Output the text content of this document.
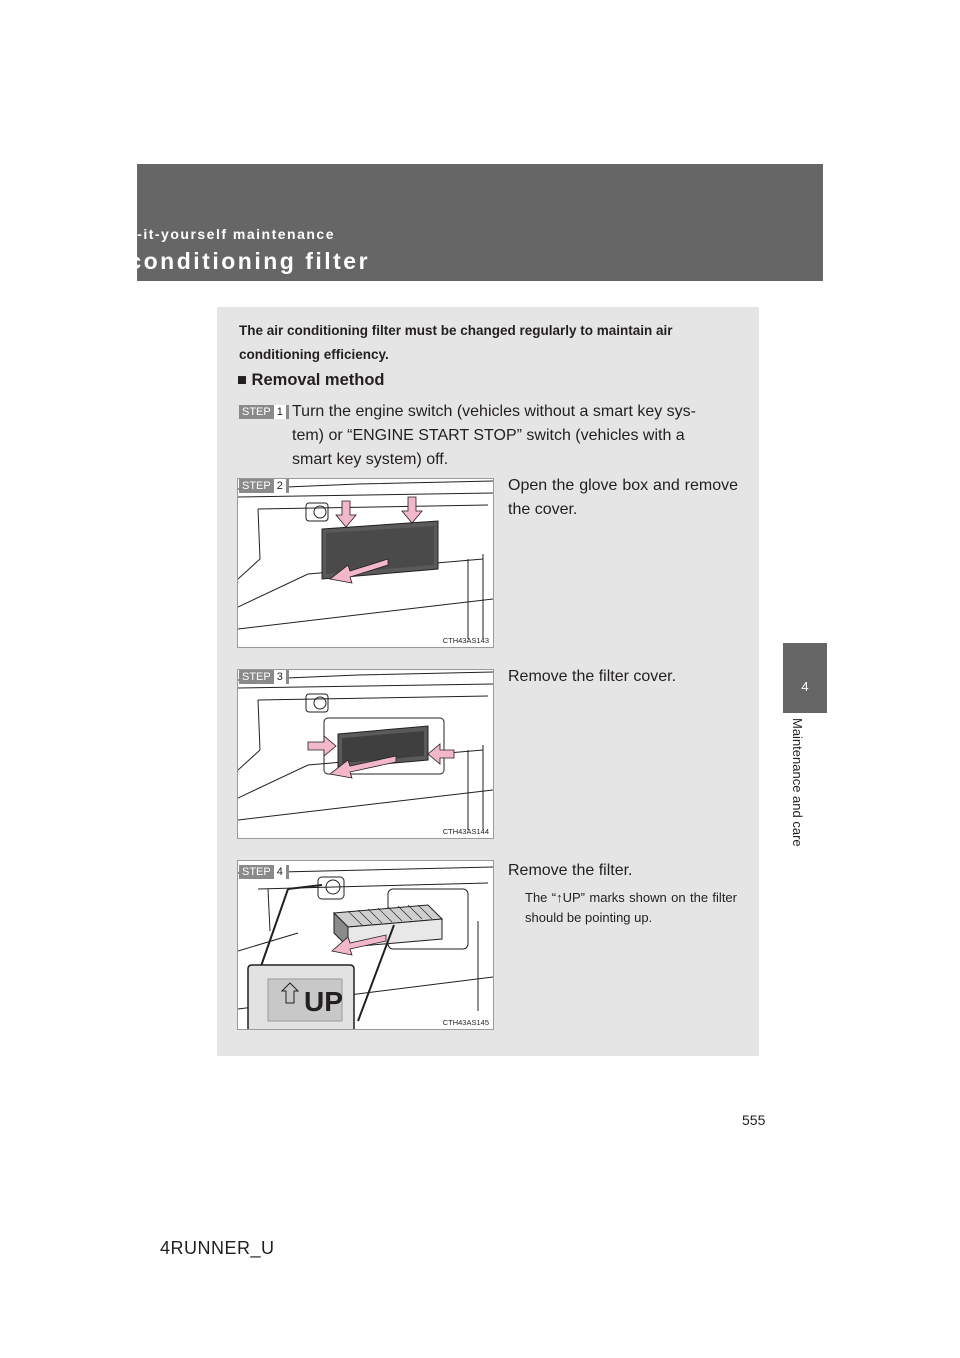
4-3. Do-it-yourself maintenance
Air conditioning filter
4
Maintenance and care
The air conditioning filter must be changed regularly to maintain air conditioning efficiency.
■ Removal method
STEP 1 Turn the engine switch (vehicles without a smart key sys-
tem) or “ENGINE START STOP” switch (vehicles with a
smart key system) off.
CTH43AS143
STEP 2	Open the glove box and remove the cover.
CTH43AS144
STEP 3	Remove the filter cover.
UP
CTH43AS145
STEP 4	Remove the filter.
The “↑UP” marks shown on the filter should be pointing up.
555
4RUNNER_U
